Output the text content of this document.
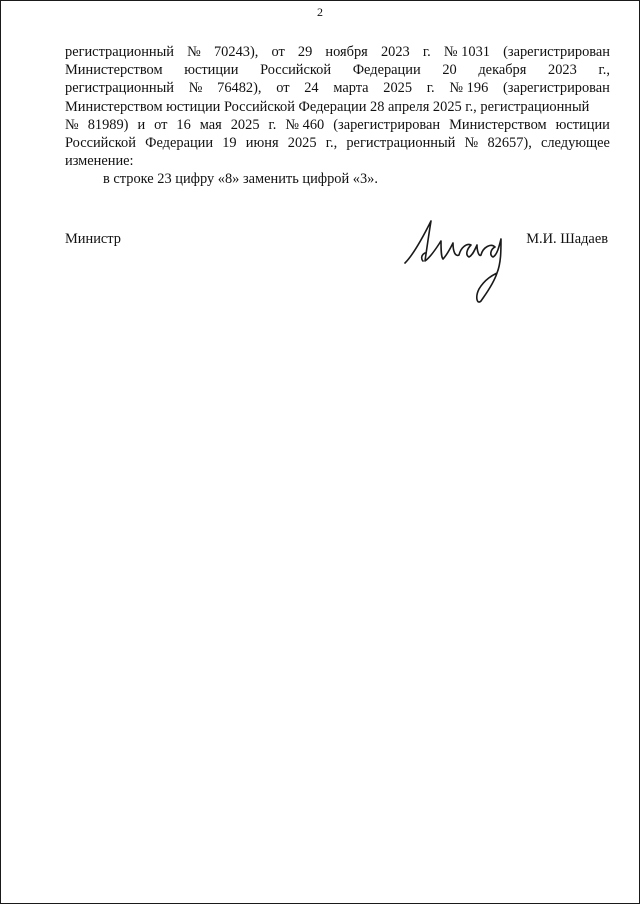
2
регистрационный № 70243), от 29 ноября 2023 г. № 1031 (зарегистрирован
Министерством юстиции Российской Федерации 20 декабря 2023 г.,
регистрационный № 76482), от 24 марта 2025 г. № 196 (зарегистрирован
Министерством юстиции Российской Федерации 28 апреля 2025 г., регистрационный
№ 81989) и от 16 мая 2025 г. № 460 (зарегистрирован Министерством юстиции
Российской Федерации 19 июня 2025 г., регистрационный № 82657), следующее
изменение:
в строке 23 цифру «8» заменить цифрой «3».
Министр	М.И. Шадаев
